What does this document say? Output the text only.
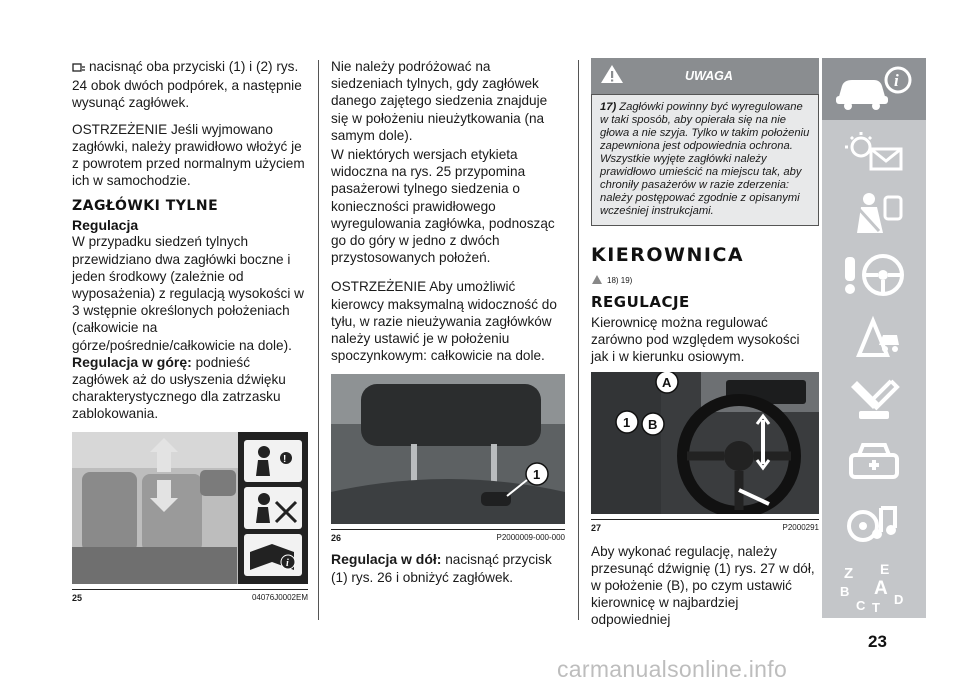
nacisnąć oba przyciski (1) i (2) rys. 24 obok dwóch podpórek, a następnie wysunąć zagłówek.

OSTRZEŻENIE Jeśli wyjmowano zagłówki, należy prawidłowo włożyć je z powrotem przed normalnym użyciem ich w samochodzie.

ZAGŁÓWKI TYLNE
Regulacja

W przypadku siedzeń tylnych przewidziano dwa zagłówki boczne i jeden środkowy (zależnie od wyposażenia) z regulacją wysokości w 3 wstępnie określonych położeniach (całkowicie na górze/pośrednie/całkowicie na dole).

Regulacja w górę: podnieść zagłówek aż do usłyszenia dźwięku charakterystycznego dla zatrzasku zablokowania.

!
i
25	04076J0002EM

Nie należy podróżować na siedzeniach tylnych, gdy zagłówek danego zajętego siedzenia znajduje się w położeniu nieużytkowania (na samym dole).

W niektórych wersjach etykieta widoczna na rys. 25 przypomina pasażerowi tylnego siedzenia o konieczności prawidłowego wyregulowania zagłówka, podnosząc go do góry w jedno z dwóch przystosowanych położeń.

OSTRZEŻENIE Aby umożliwić kierowcy maksymalną widoczność do tyłu, w razie nieużywania zagłówków należy ustawić je w położeniu spoczynkowym: całkowicie na dole.

1
26	P2000009-000-000

Regulacja w dół: nacisnąć przycisk (1) rys. 26 i obniżyć zagłówek.

UWAGA
17) Zagłówki powinny być wyregulowane w taki sposób, aby opierała się na nie głowa a nie szyja. Tylko w takim położeniu zapewniona jest odpowiednia ochrona. Wszystkie wyjęte zagłówki należy prawidłowo umieścić na miejscu tak, aby chroniły pasażerów w razie zderzenia: należy postępować zgodnie z opisanymi wcześniej instrukcjami.
KIEROWNICA
18) 19)
REGULACJE

Kierownicę można regulować zarówno pod względem wysokości jak i w kierunku osiowym.

A
1 B
27	P2000291

Aby wykonać regulację, należy przesunąć dźwignię (1) rys. 27 w dół, w położenie (B), po czym ustawić kierownicę w najbardziej odpowiedniej

i
Z E
B A
C T
D
23
carmanualsonline.info
